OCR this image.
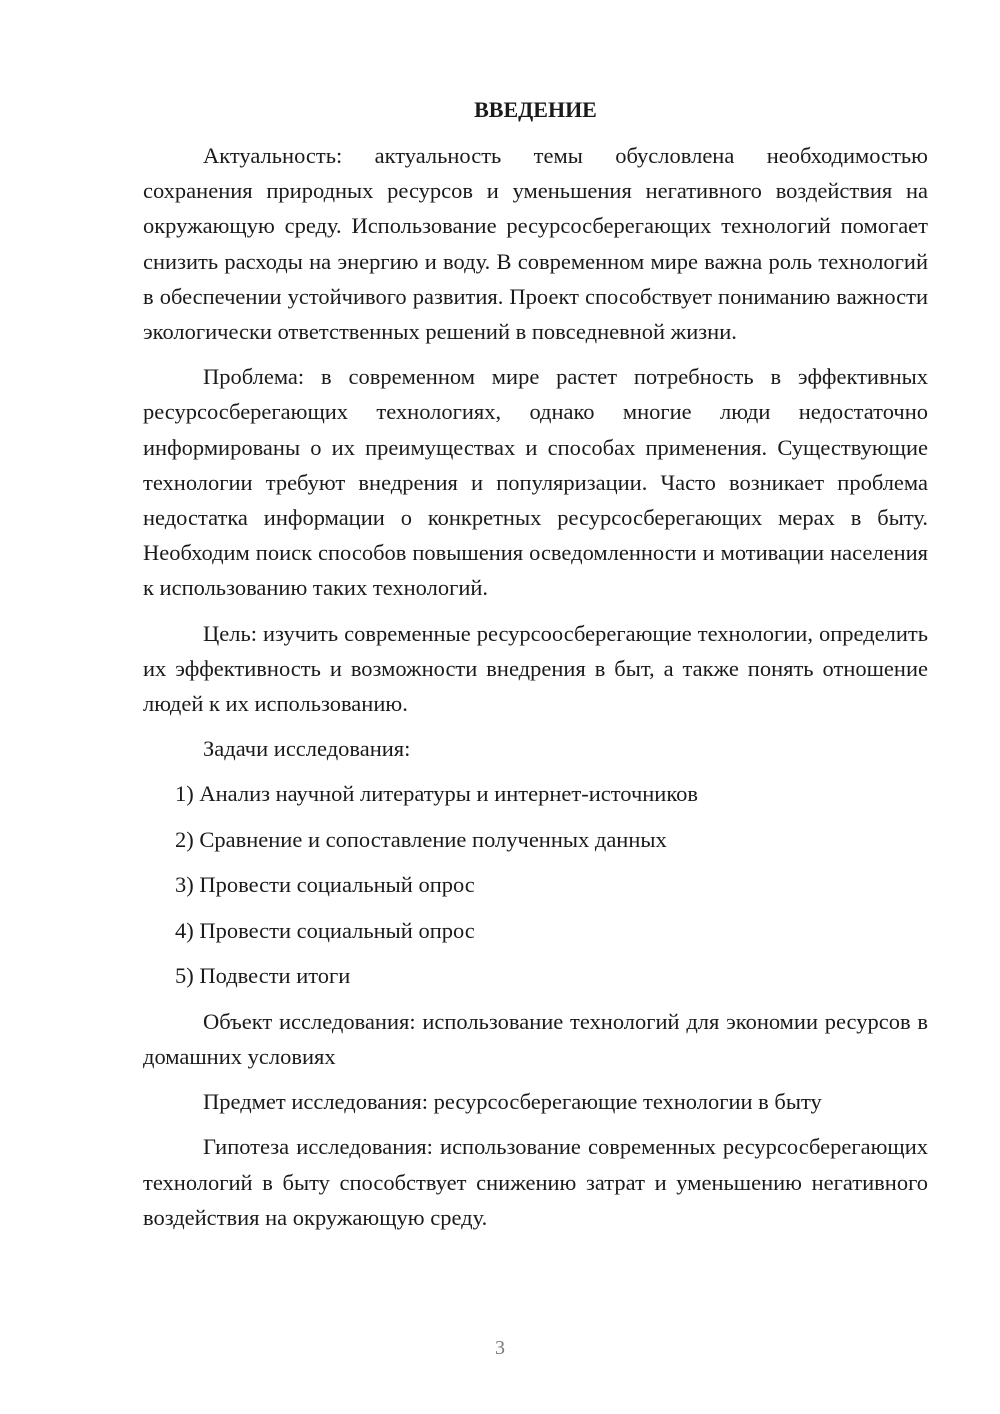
ВВЕДЕНИЕ

Актуальность: актуальность темы обусловлена необходимостью сохранения природных ресурсов и уменьшения негативного воздействия на окружающую среду. Использование ресурсосберегающих технологий помогает снизить расходы на энергию и воду. В современном мире важна роль технологий в обеспечении устойчивого развития. Проект способствует пониманию важности экологически ответственных решений в повседневной жизни.

Проблема: в современном мире растет потребность в эффективных ресурсосберегающих технологиях, однако многие люди недостаточно информированы о их преимуществах и способах применения. Существующие технологии требуют внедрения и популяризации. Часто возникает проблема недостатка информации о конкретных ресурсосберегающих мерах в быту. Необходим поиск способов повышения осведомленности и мотивации населения к использованию таких технологий.

Цель: изучить современные ресурсоосберегающие технологии, определить их эффективность и возможности внедрения в быт, а также понять отношение людей к их использованию.

Задачи исследования:
1) Анализ научной литературы и интернет-источников
2) Сравнение и сопоставление полученных данных
3) Провести социальный опрос
4) Провести социальный опрос
5) Подвести итоги

Объект исследования: использование технологий для экономии ресурсов в домашних условиях

Предмет исследования: ресурсосберегающие технологии в быту

Гипотеза исследования: использование современных ресурсосберегающих технологий в быту способствует снижению затрат и уменьшению негативного воздействия на окружающую среду.

3
